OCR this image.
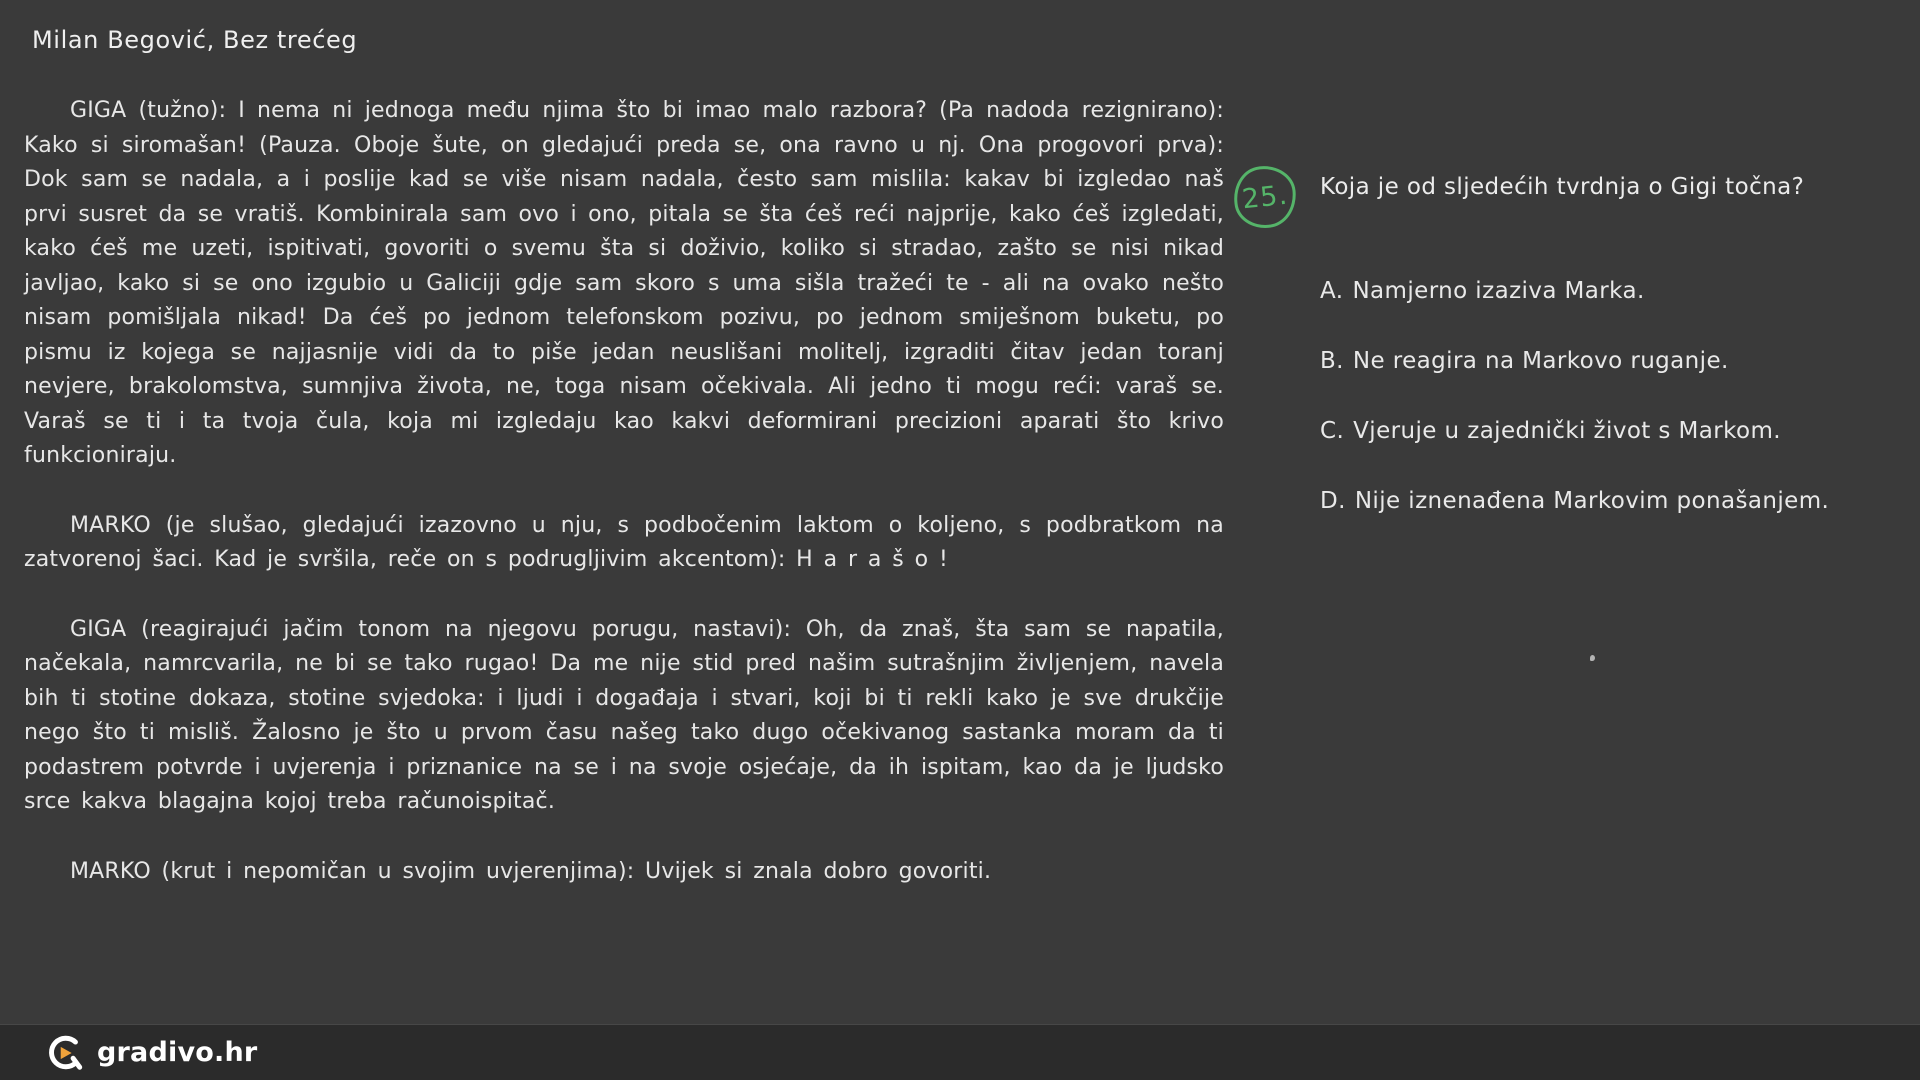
Milan Begović, Bez trećeg

GIGA (tužno): I nema ni jednoga među njima što bi imao malo razbora? (Pa nadoda rezignirano): Kako si siromašan! (Pauza. Oboje šute, on gledajući preda se, ona ravno u nj. Ona progovori prva): Dok sam se nadala, a i poslije kad se više nisam nadala, često sam mislila: kakav bi izgledao naš prvi susret da se vratiš. Kombinirala sam ovo i ono, pitala se šta ćeš reći najprije, kako ćeš izgledati, kako ćeš me uzeti, ispitivati, govoriti o svemu šta si doživio, koliko si stradao, zašto se nisi nikad javljao, kako si se ono izgubio u Galiciji gdje sam skoro s uma sišla tražeći te - ali na ovako nešto nisam pomišljala nikad! Da ćeš po jednom telefonskom pozivu, po jednom smiješnom buketu, po pismu iz kojega se najjasnije vidi da to piše jedan neuslišani molitelj, izgraditi čitav jedan toranj nevjere, brakolomstva, sumnjiva života, ne, toga nisam očekivala. Ali jedno ti mogu reći: varaš se. Varaš se ti i ta tvoja čula, koja mi izgledaju kao kakvi deformirani precizioni aparati što krivo funkcioniraju.

MARKO (je slušao, gledajući izazovno u nju, s podbočenim laktom o koljeno, s podbratkom na zatvorenoj šaci. Kad je svršila, reče on s podrugljivim akcentom): H a r a š o !

GIGA (reagirajući jačim tonom na njegovu porugu, nastavi): Oh, da znaš, šta sam se napatila, načekala, namrcvarila, ne bi se tako rugao! Da me nije stid pred našim sutrašnjim življenjem, navela bih ti stotine dokaza, stotine svjedoka: i ljudi i događaja i stvari, koji bi ti rekli kako je sve drukčije nego što ti misliš. Žalosno je što u prvom času našeg tako dugo očekivanog sastanka moram da ti podastrem potvrde i uvjerenja i priznanice na se i na svoje osjećaje, da ih ispitam, kao da je ljudsko srce kakva blagajna kojoj treba računoispitač.

MARKO (krut i nepomičan u svojim uvjerenjima): Uvijek si znala dobro govoriti.

25. Koja je od sljedećih tvrdnja o Gigi točna?

A. Namjerno izaziva Marka.
B. Ne reagira na Markovo ruganje.
C. Vjeruje u zajednički život s Markom.
D. Nije iznenađena Markovim ponašanjem.
gradivo.hr
